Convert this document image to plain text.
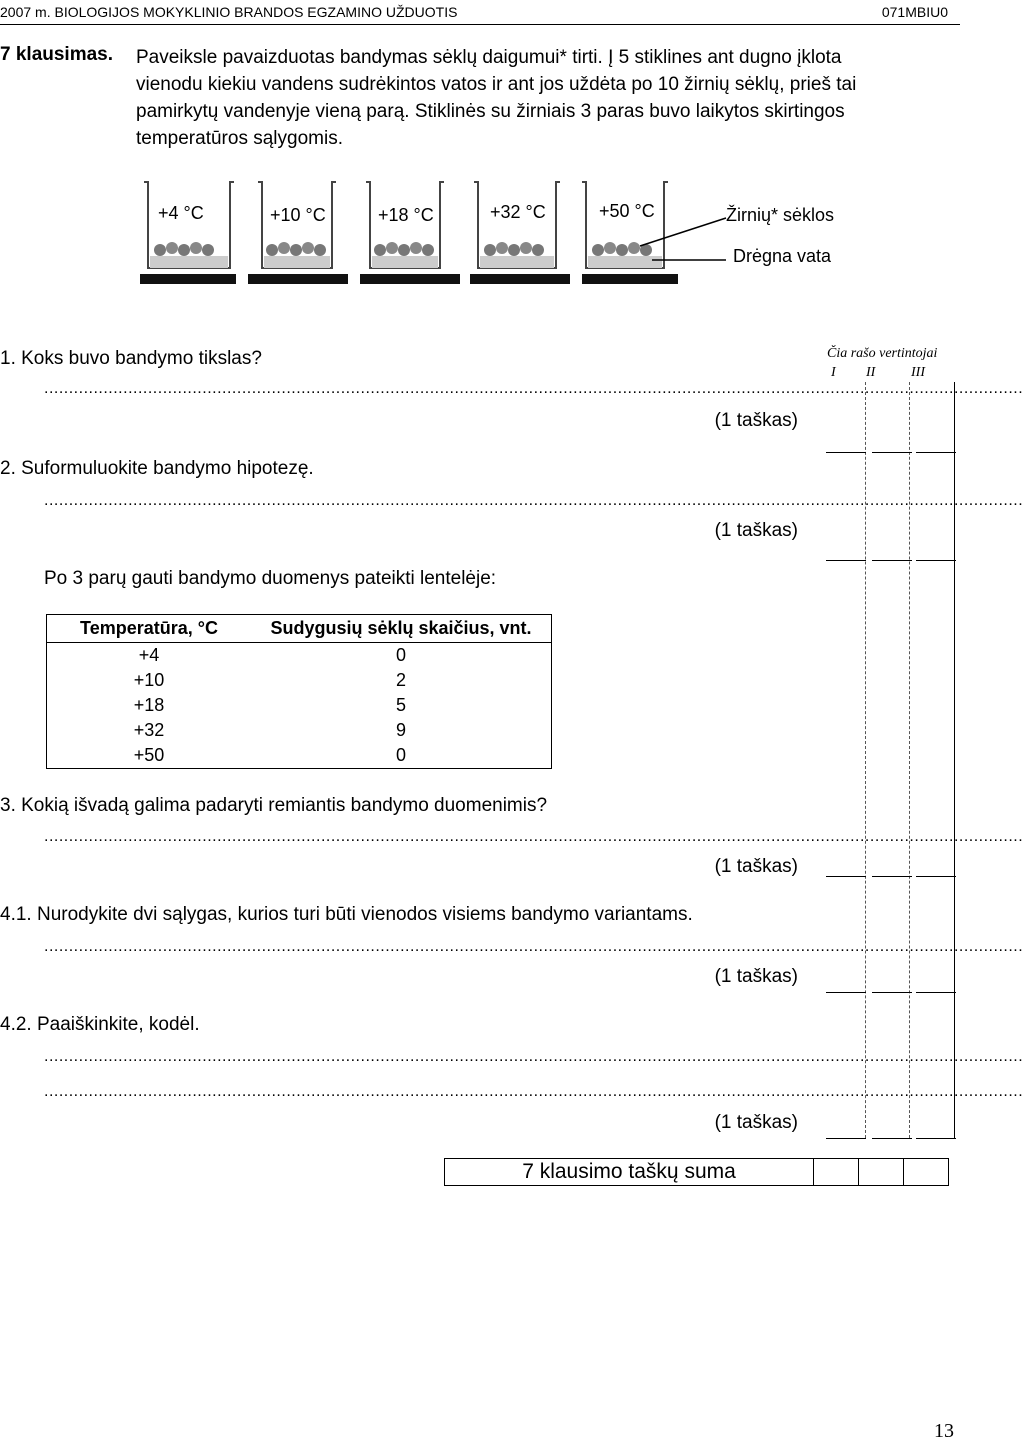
2007 m. BIOLOGIJOS MOKYKLINIO BRANDOS EGZAMINO UŽDUOTIS	071MBIU0
7 klausimas. Paveiksle pavaizduotas bandymas sėklų daigumui* tirti. Į 5 stiklines ant dugno įklota
vienodu kiekiu vandens sudrėkintos vatos ir ant jos uždėta po 10 žirnių sėklų, prieš tai
pamirkytų vandenyje vieną parą. Stiklinės su žirniais 3 paras buvo laikytos skirtingos
temperatūros sąlygomis.
+4 °C	+10 °C	+18 °C	+32 °C	+50 °C	Žirnių* sėklos
Drėgna vata
Čia rašo vertintojai
I II	III
1. Koks buvo bandymo tikslas?
......................................................................................................................................................................................................
(1 taškas)
2. Suformuluokite bandymo hipotezę.
......................................................................................................................................................................................................
(1 taškas)
Po 3 parų gauti bandymo duomenys pateikti lentelėje:
Temperatūra, °C	Sudygusių sėklų skaičius, vnt.
+4	0
+10	2
+18	5
+32	9
+50	0
3. Kokią išvadą galima padaryti remiantis bandymo duomenimis?
......................................................................................................................................................................................................
(1 taškas)
4.1. Nurodykite dvi sąlygas, kurios turi būti vienodos visiems bandymo variantams.
......................................................................................................................................................................................................
(1 taškas)
4.2. Paaiškinkite, kodėl.
......................................................................................................................................................................................................
......................................................................................................................................................................................................
(1 taškas)
7 klausimo taškų suma			
13
